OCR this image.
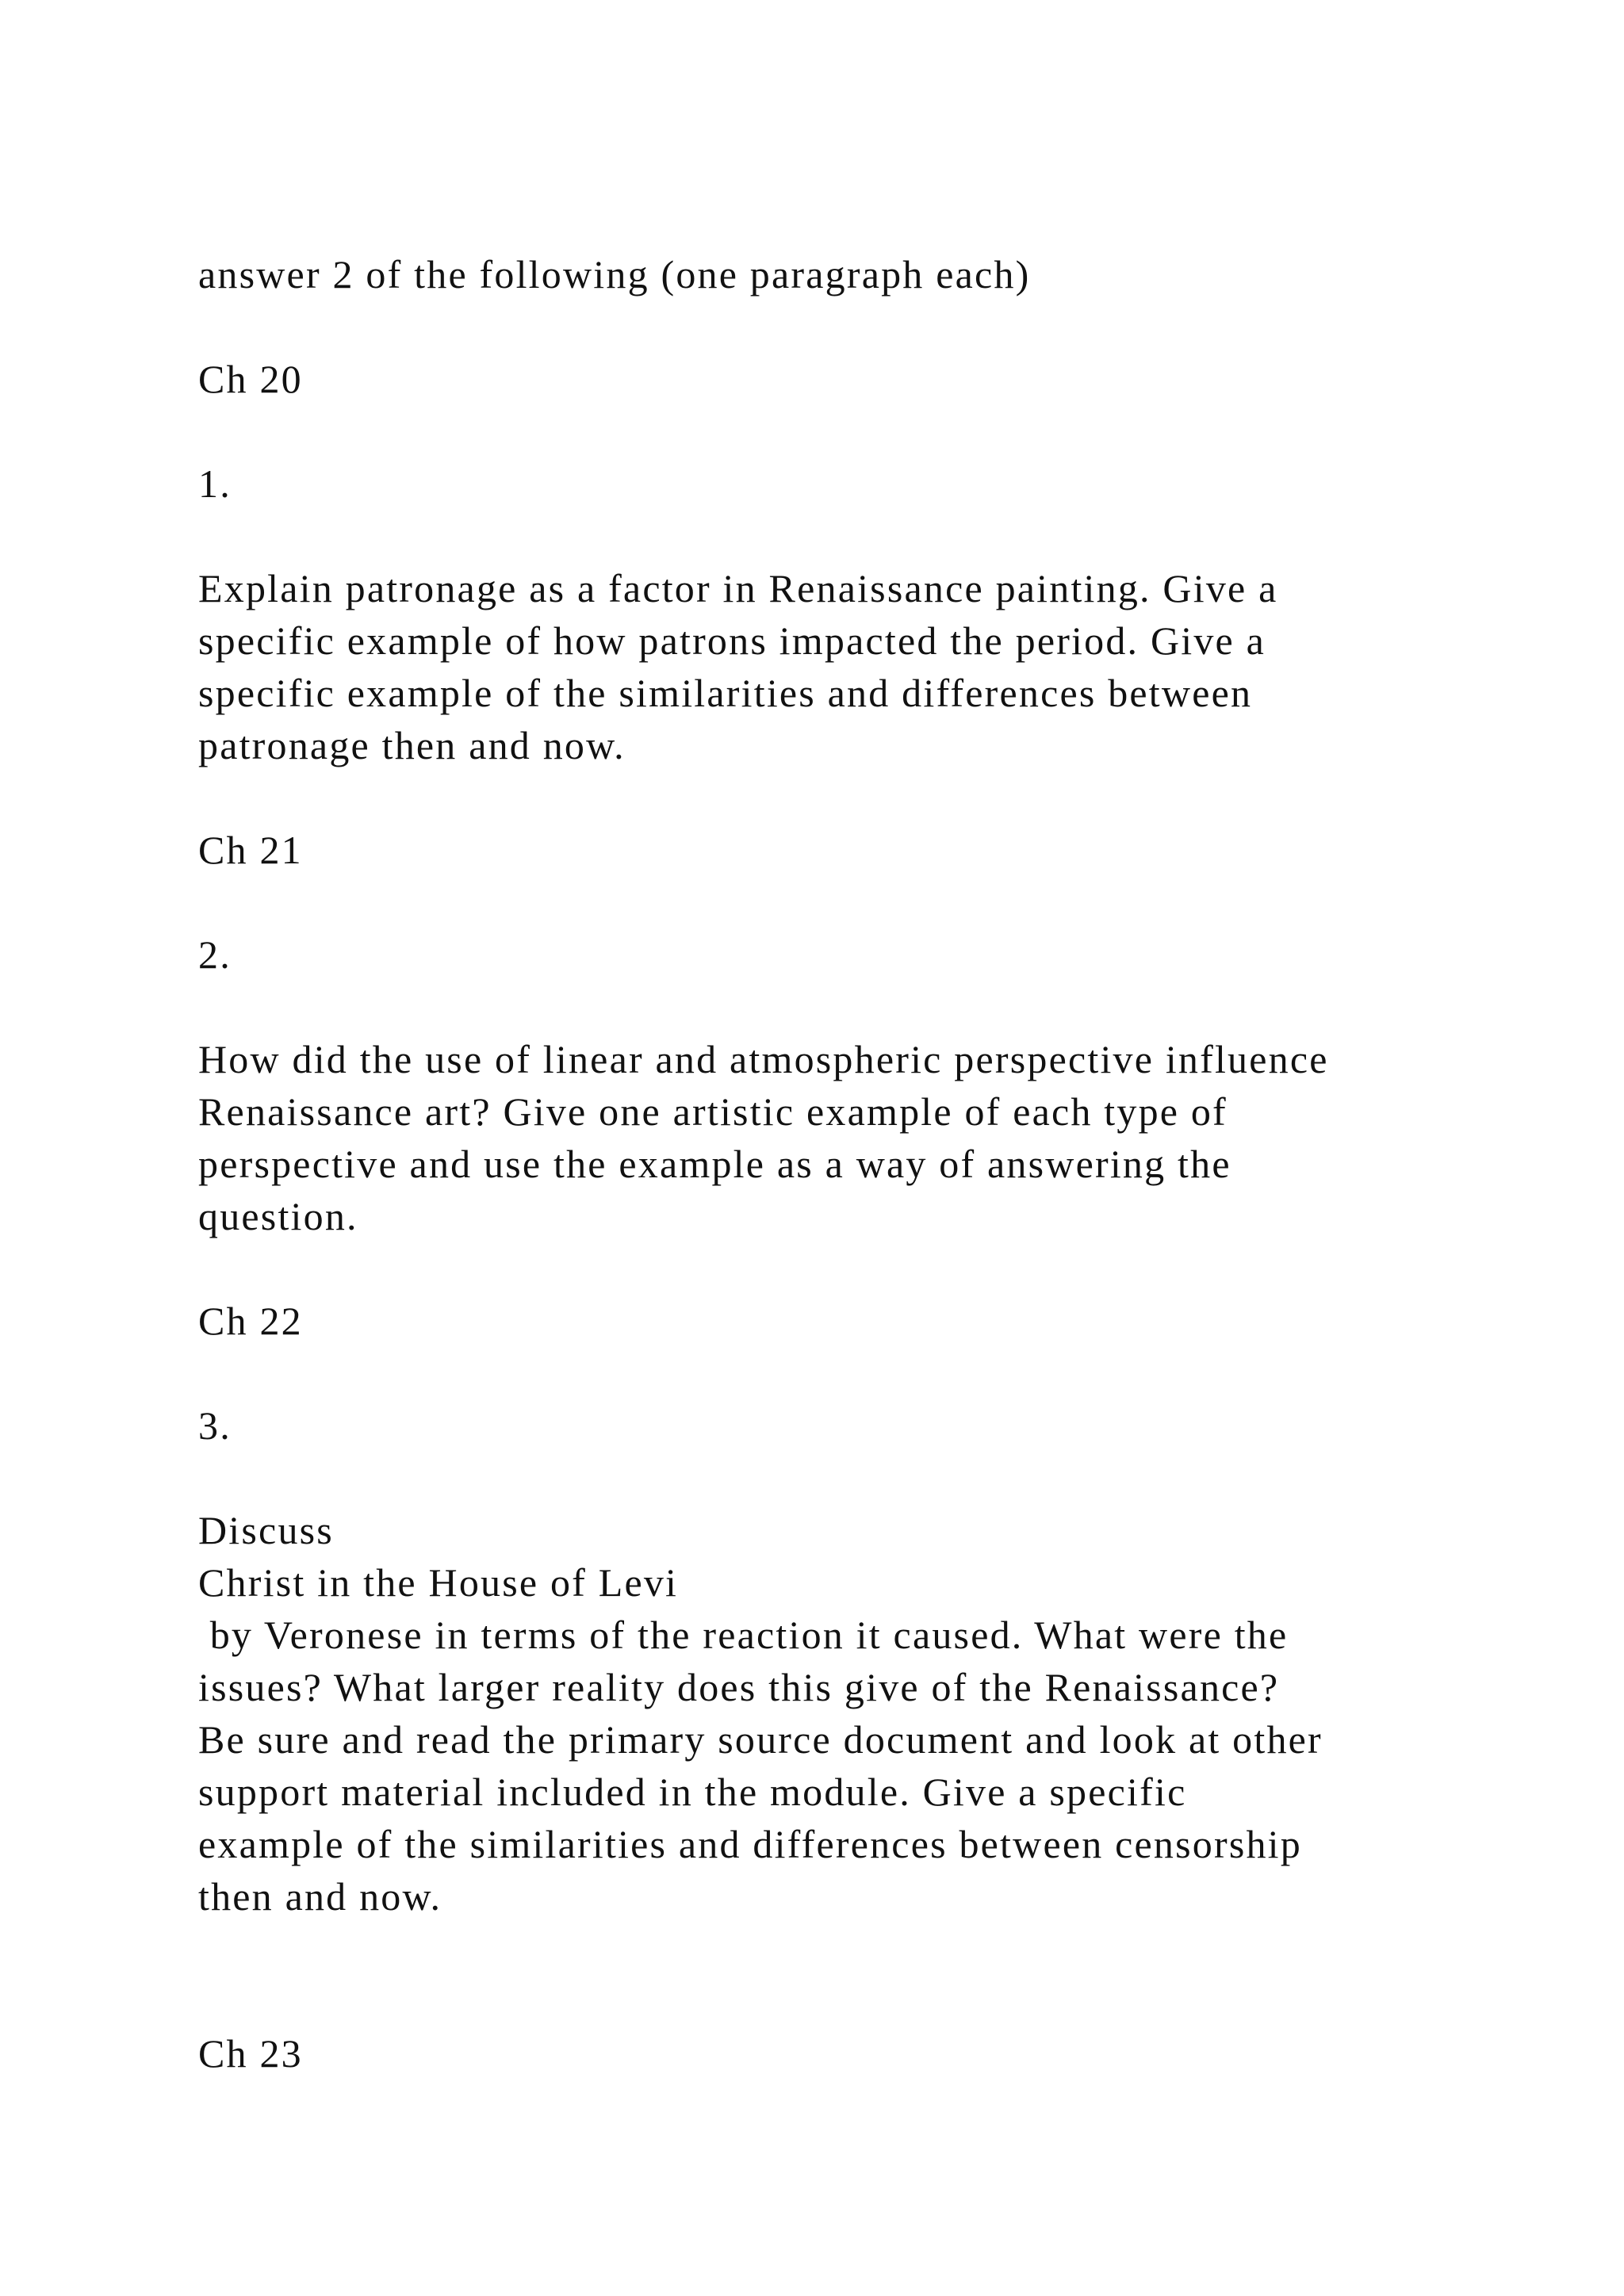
answer 2 of the following (one paragraph each)

Ch 20

1.

Explain patronage as a factor in Renaissance painting. Give a

specific example of how patrons impacted the period. Give a

specific example of the similarities and differences between

patronage then and now.

Ch 21

2.

How did the use of linear and atmospheric perspective influence

Renaissance art? Give one artistic example of each type of

perspective and use the example as a way of answering the

question.

Ch 22

3.

Discuss

Christ in the House of Levi

by Veronese in terms of the reaction it caused. What were the

issues? What larger reality does this give of the Renaissance?

Be sure and read the primary source document and look at other

support material included in the module. Give a specific

example of the similarities and differences between censorship

then and now.

Ch 23
